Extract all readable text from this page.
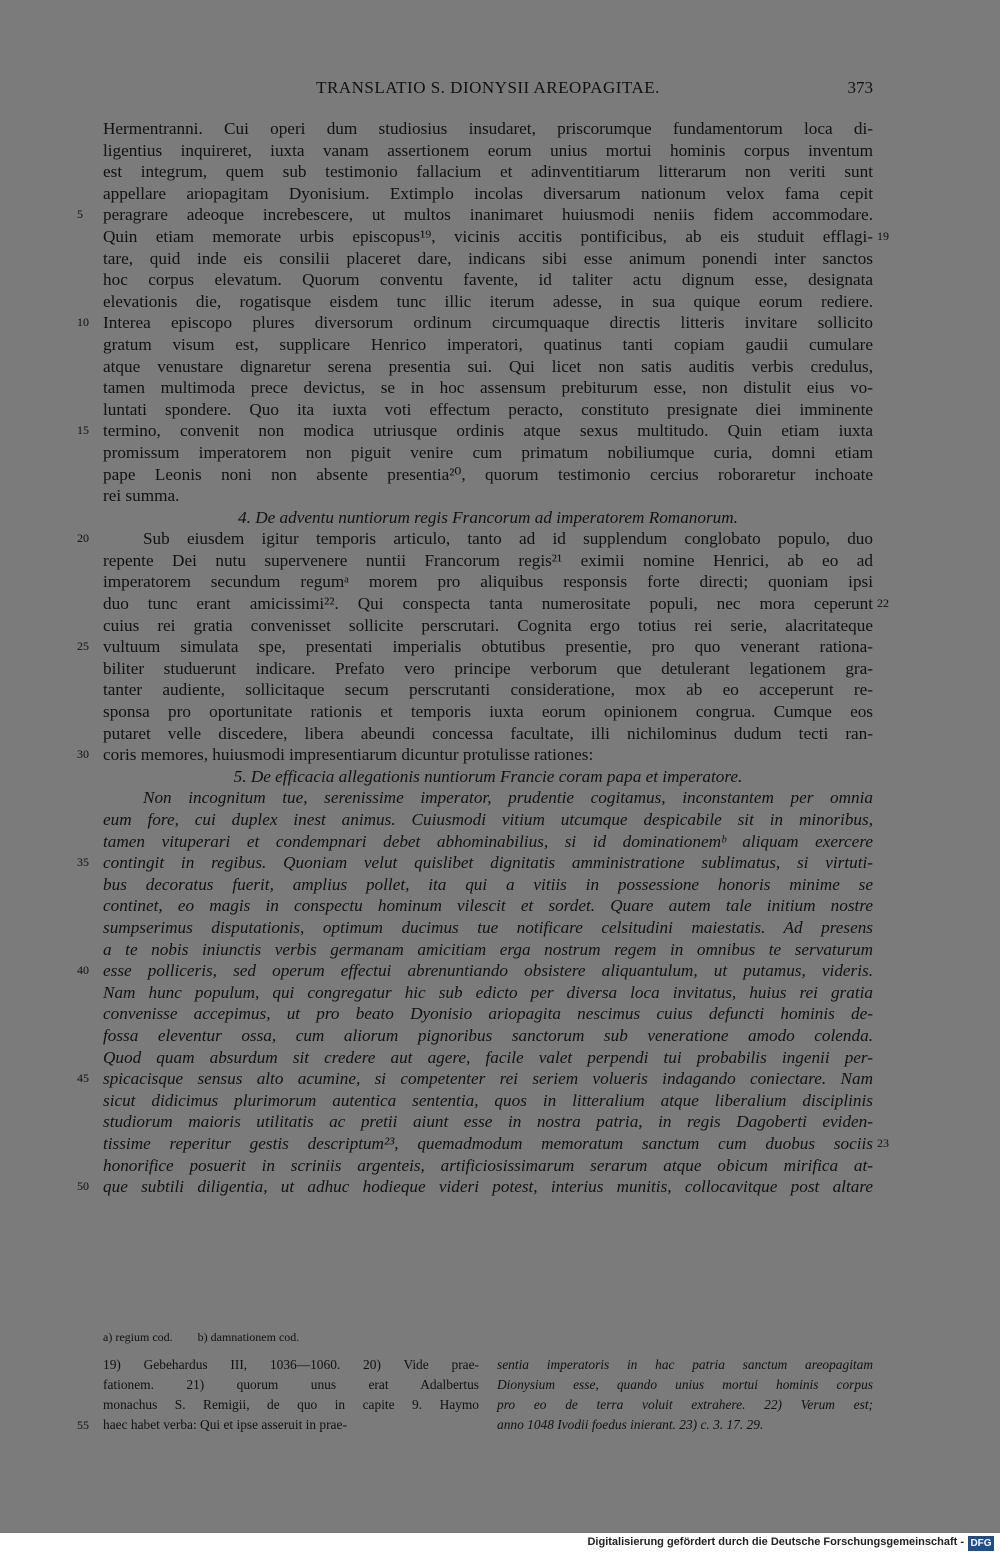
TRANSLATIO S. DIONYSII AREOPAGITAE.	373
Hermentranni. Cui operi dum studiosius insudaret, priscorumque fundamentorum loca di-
ligentius inquireret, iuxta vanam assertionem eorum unius mortui hominis corpus inventum
est integrum, quem sub testimonio fallacium et adinventitiarum litterarum non veriti sunt
appellare ariopagitam Dyonisium. Extimplo incolas diversarum nationum velox fama cepit
5	peragrare adeoque increbescere, ut multos inanimaret huiusmodi neniis fidem accommodare.
Quin etiam memorate urbis episcopus¹⁹, vicinis accitis pontificibus, ab eis studuit efflagi- 19
tare, quid inde eis consilii placeret dare, indicans sibi esse animum ponendi inter sanctos
hoc corpus elevatum. Quorum conventu favente, id taliter actu dignum esse, designata
elevationis die, rogatisque eisdem tunc illic iterum adesse, in sua quique eorum rediere.
10 Interea episcopo plures diversorum ordinum circumquaque directis litteris invitare sollicito
gratum visum est, supplicare Henrico imperatori, quatinus tanti copiam gaudii cumulare
atque venustare dignaretur serena presentia sui. Qui licet non satis auditis verbis credulus,
tamen multimoda prece devictus, se in hoc assensum prebiturum esse, non distulit eius vo-
luntati spondere. Quo ita iuxta voti effectum peracto, constituto presignate diei imminente
15 termino, convenit non modica utriusque ordinis atque sexus multitudo. Quin etiam iuxta
promissum imperatorem non piguit venire cum primatum nobiliumque curia, domni etiam
pape Leonis noni non absente presentia²⁰, quorum testimonio cercius roboraretur inchoate
rei summa.
4. De adventu nuntiorum regis Francorum ad imperatorem Romanorum.
20	Sub eiusdem igitur temporis articulo, tanto ad id supplendum conglobato populo, duo
repente Dei nutu supervenere nuntii Francorum regis²¹ eximii nomine Henrici, ab eo ad
imperatorem secundum regumᵃ morem pro aliquibus responsis forte directi; quoniam ipsi
duo tunc erant amicissimi²². Qui conspecta tanta numerositate populi, nec mora ceperunt 22
cuius rei gratia convenisset sollicite perscrutari. Cognita ergo totius rei serie, alacritateque
25 vultuum simulata spe, presentati imperialis obtutibus presentie, pro quo venerant rationa-
biliter studuerunt indicare. Prefato vero principe verborum que detulerant legationem gra-
tanter audiente, sollicitaque secum perscrutanti consideratione, mox ab eo acceperunt re-
sponsa pro oportunitate rationis et temporis iuxta eorum opinionem congrua. Cumque eos
putaret velle discedere, libera abeundi concessa facultate, illi nichilominus dudum tecti ran-
30 coris memores, huiusmodi impresentiarum dicuntur protulisse rationes:
5. De efficacia allegationis nuntiorum Francie coram papa et imperatore.
Non incognitum tue, serenissime imperator, prudentie cogitamus, inconstantem per omnia
eum fore, cui duplex inest animus. Cuiusmodi vitium utcumque despicabile sit in minoribus,
tamen vituperari et condempnari debet abhominabilius, si id dominationemᵇ aliquam exercere
35 contingit in regibus. Quoniam velut quislibet dignitatis amministratione sublimatus, si virtuti-
bus decoratus fuerit, amplius pollet, ita qui a vitiis in possessione honoris minime se
continet, eo magis in conspectu hominum vilescit et sordet. Quare autem tale initium nostre
sumpserimus disputationis, optimum ducimus tue notificare celsitudini maiestatis. Ad presens
a te nobis iniunctis verbis germanam amicitiam erga nostrum regem in omnibus te servaturum
40 esse polliceris, sed operum effectui abrenuntiando obsistere aliquantulum, ut putamus, videris.
Nam hunc populum, qui congregatur hic sub edicto per diversa loca invitatus, huius rei gratia
convenisse accepimus, ut pro beato Dyonisio ariopagita nescimus cuius defuncti hominis de-
fossa eleventur ossa, cum aliorum pignoribus sanctorum sub veneratione amodo colenda.
Quod quam absurdum sit credere aut agere, facile valet perpendi tui probabilis ingenii per-
45 spicacisque sensus alto acumine, si competenter rei seriem volueris indagando coniectare. Nam
sicut didicimus plurimorum autentica sententia, quos in litteralium atque liberalium disciplinis
studiorum maioris utilitatis ac pretii aiunt esse in nostra patria, in regis Dagoberti eviden-
tissime reperitur gestis descriptum²³, quemadmodum memoratum sanctum cum duobus sociis 23
honorifice posuerit in scriniis argenteis, artificiosissimarum serarum atque obicum mirifica at-
50 que subtili diligentia, ut adhuc hodieque videri potest, interius munitis, collocavitque post altare
a) regium cod. b) damnationem cod.
19) Gebehardus III, 1036—1060. 20) Vide prae-
fationem. 21) quorum unus erat Adalbertus
monachus S. Remigii, de quo in capite 9. Haymo
55 haec habet verba: Qui et ipse asseruit in prae-
sentia imperatoris in hac patria sanctum areopagitam
Dionysium esse, quando unius mortui hominis corpus
pro eo de terra voluit extrahere. 22) Verum est;
anno 1048 Ivodii foedus inierant. 23) c. 3. 17. 29.
Digitalisierung gefördert durch die Deutsche Forschungsgemeinschaft - DFG
